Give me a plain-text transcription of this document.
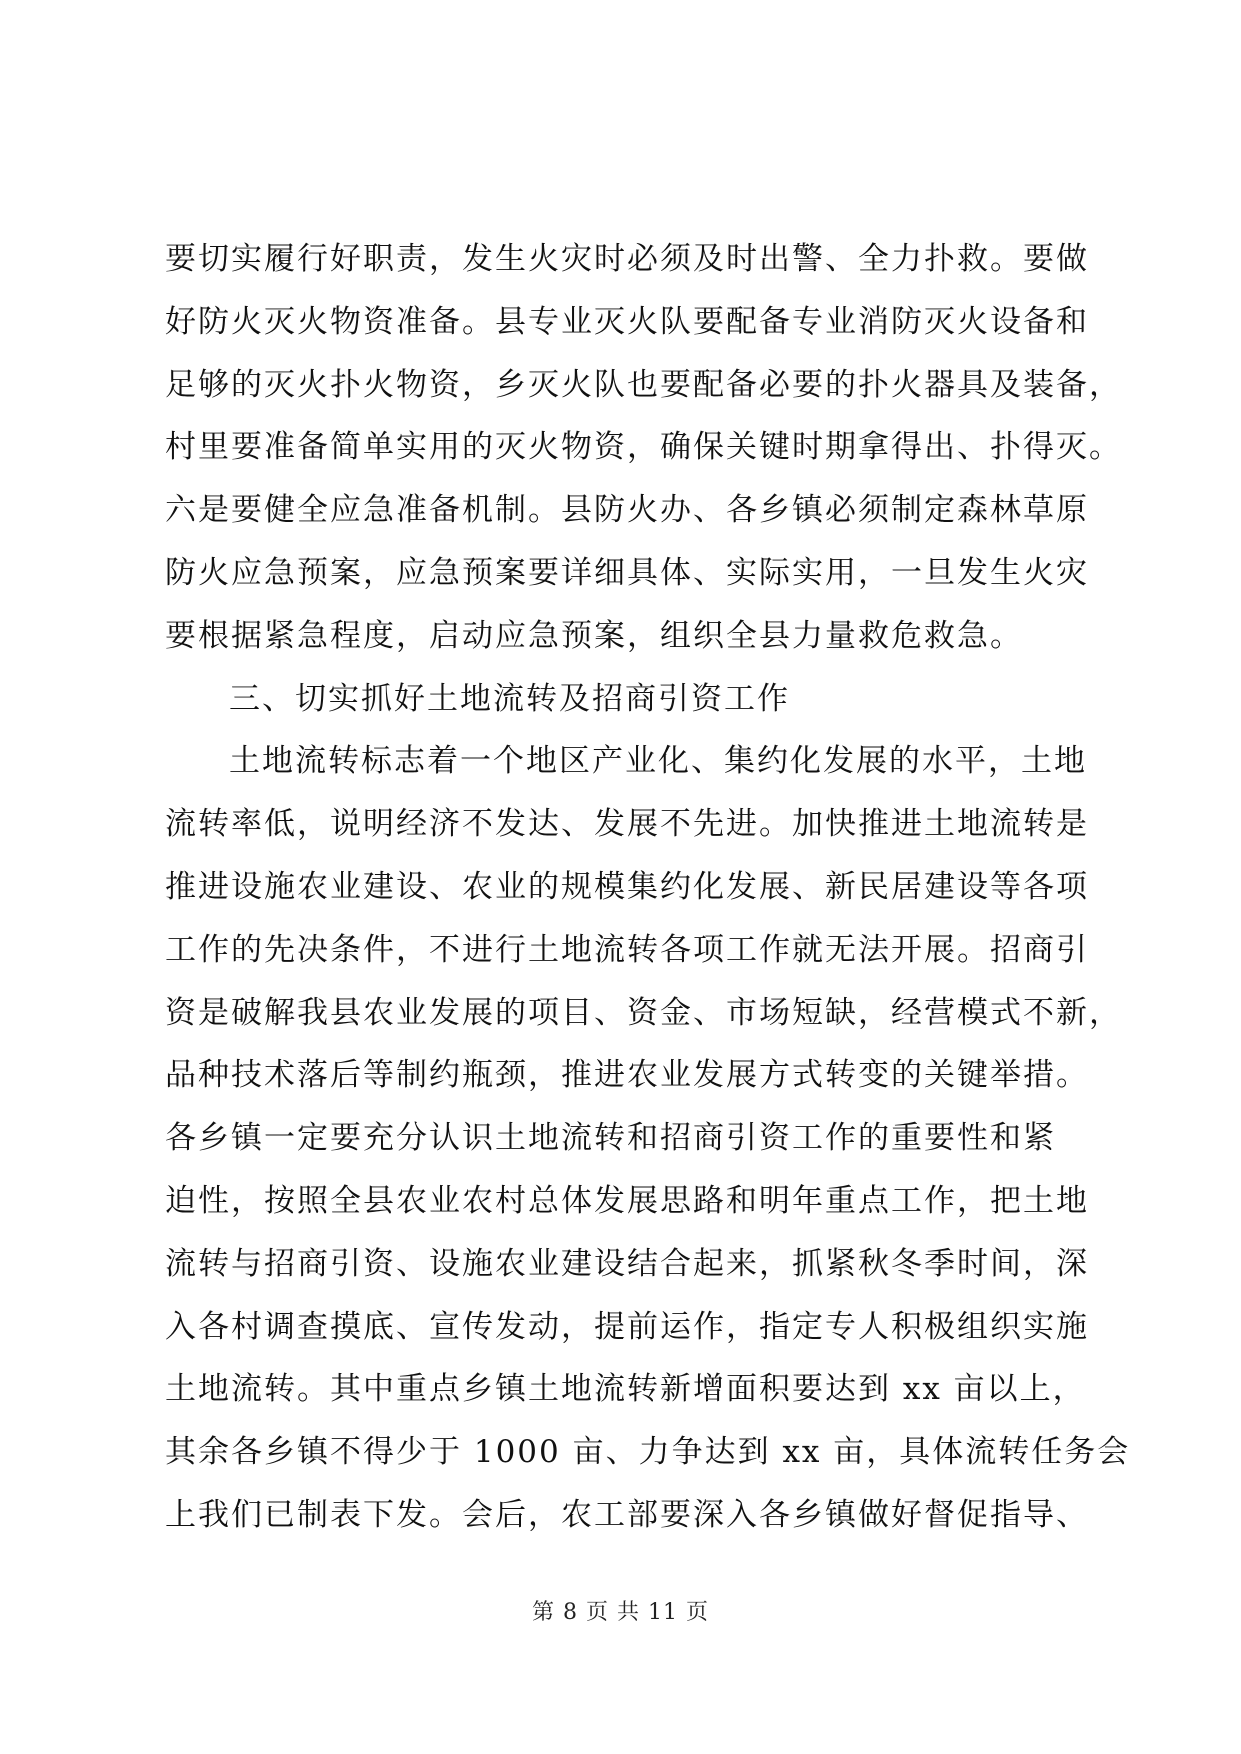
要切实履行好职责，发生火灾时必须及时出警、全力扑救。要做
好防火灭火物资准备。县专业灭火队要配备专业消防灭火设备和
足够的灭火扑火物资，乡灭火队也要配备必要的扑火器具及装备，
村里要准备简单实用的灭火物资，确保关键时期拿得出、扑得灭。
六是要健全应急准备机制。县防火办、各乡镇必须制定森林草原
防火应急预案，应急预案要详细具体、实际实用，一旦发生火灾
要根据紧急程度，启动应急预案，组织全县力量救危救急。
三、切实抓好土地流转及招商引资工作
土地流转标志着一个地区产业化、集约化发展的水平，土地
流转率低，说明经济不发达、发展不先进。加快推进土地流转是
推进设施农业建设、农业的规模集约化发展、新民居建设等各项
工作的先决条件，不进行土地流转各项工作就无法开展。招商引
资是破解我县农业发展的项目、资金、市场短缺，经营模式不新，
品种技术落后等制约瓶颈，推进农业发展方式转变的关键举措。
各乡镇一定要充分认识土地流转和招商引资工作的重要性和紧
迫性，按照全县农业农村总体发展思路和明年重点工作，把土地
流转与招商引资、设施农业建设结合起来，抓紧秋冬季时间，深
入各村调查摸底、宣传发动，提前运作，指定专人积极组织实施
土地流转。其中重点乡镇土地流转新增面积要达到 xx 亩以上，
其余各乡镇不得少于 1000 亩、力争达到 xx 亩，具体流转任务会
上我们已制表下发。会后，农工部要深入各乡镇做好督促指导、
第 8 页 共 11 页
